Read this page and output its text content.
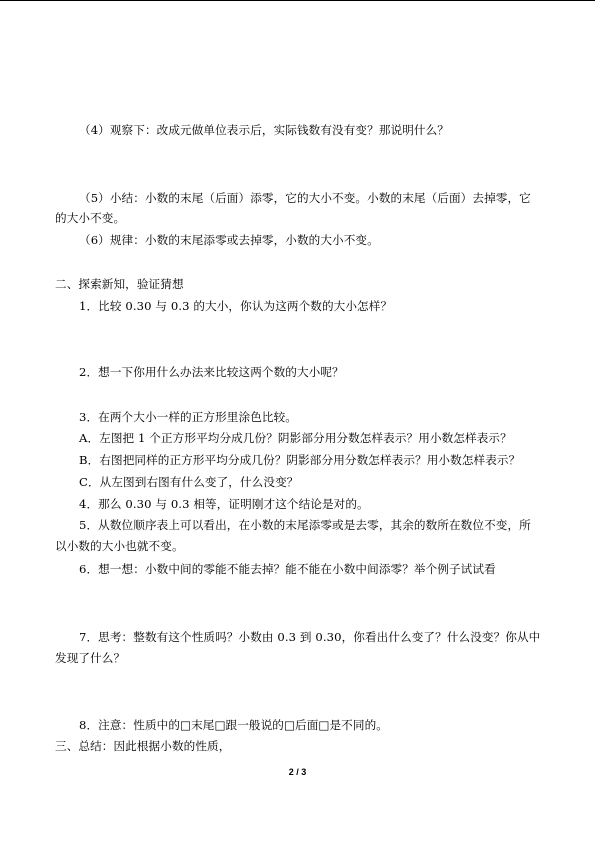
（4）观察下：改成元做单位表示后，实际钱数有没有变？那说明什么？
（5）小结：小数的末尾（后面）添零，它的大小不变。小数的末尾（后面）去掉零，它
的大小不变。
（6）规律：小数的末尾添零或去掉零，小数的大小不变。
二、探索新知，验证猜想
1．比较 0.30 与 0.3 的大小，你认为这两个数的大小怎样？
2．想一下你用什么办法来比较这两个数的大小呢？
3．在两个大小一样的正方形里涂色比较。
A．左图把 1 个正方形平均分成几份？阴影部分用分数怎样表示？用小数怎样表示？
B．右图把同样的正方形平均分成几份？阴影部分用分数怎样表示？用小数怎样表示？
C．从左图到右图有什么变了，什么没变？
4．那么 0.30 与 0.3 相等，证明刚才这个结论是对的。
5．从数位顺序表上可以看出，在小数的末尾添零或是去零，其余的数所在数位不变，所
以小数的大小也就不变。
6．想一想：小数中间的零能不能去掉？能不能在小数中间添零？举个例子试试看
7．思考：整数有这个性质吗？小数由 0.3 到 0.30，你看出什么变了？什么没变？你从中
发现了什么？
8．注意：性质中的□末尾□跟一般说的□后面□是不同的。
三、总结：因此根据小数的性质，
2 / 3
